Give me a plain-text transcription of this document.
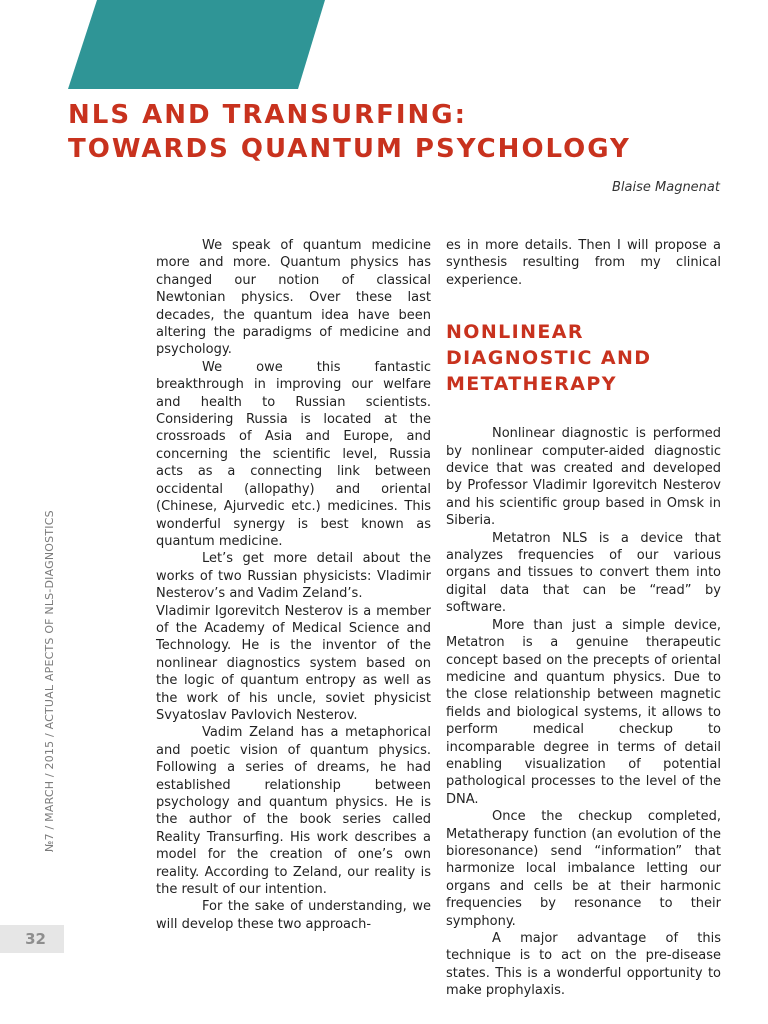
NLS AND TRANSURFING:
TOWARDS QUANTUM PSYCHOLOGY

Blaise Magnenat

We speak of quantum medicine more and more. Quantum physics has changed our notion of classical Newtonian physics. Over these last decades, the quantum idea have been altering the paradigms of medicine and psychology.

We owe this fantastic breakthrough in improving our welfare and health to Russian scientists. Considering Russia is located at the crossroads of Asia and Europe, and concerning the scientific level, Russia acts as a connecting link between occidental (allopathy) and oriental (Chinese, Ajurvedic etc.) medicines. This wonderful synergy is best known as quantum medicine.

Let’s get more detail about the works of two Russian physicists: Vladimir Nesterov’s and Vadim Zeland’s.

Vladimir Igorevitch Nesterov is a member of the Academy of Medical Science and Technology. He is the inventor of the nonlinear diagnostics system based on the logic of quantum entropy as well as the work of his uncle, soviet physicist Svyatoslav Pavlovich Nesterov.

Vadim Zeland has a metaphorical and poetic vision of quantum physics. Following a series of dreams, he had established relationship between psychology and quantum physics. He is the author of the book series called Reality Transurfing. His work describes a model for the creation of one’s own reality. According to Zeland, our reality is the result of our intention.

For the sake of understanding, we will develop these two approach-

es in more details. Then I will propose a synthesis resulting from my clinical experience.

NONLINEAR DIAGNOSTIC AND METATHERAPY

Nonlinear diagnostic is performed by nonlinear computer-aided diagnostic device that was created and developed by Professor Vladimir Igorevitch Nesterov and his scientific group based in Omsk in Siberia.

Metatron NLS is a device that analyzes frequencies of our various organs and tissues to convert them into digital data that can be “read” by software.

More than just a simple device, Metatron is a genuine therapeutic concept based on the precepts of oriental medicine and quantum physics. Due to the close relationship between magnetic fields and biological systems, it allows to perform medical checkup to incomparable degree in terms of detail enabling visualization of potential pathological processes to the level of the DNA.

Once the checkup completed, Metatherapy function (an evolution of the bioresonance) send “information” that harmonize local imbalance letting our organs and cells be at their harmonic frequencies by resonance to their symphony.

A major advantage of this technique is to act on the pre-disease states. This is a wonderful opportunity to make prophylaxis.

№7 / MARCH / 2015 / ACTUAL APECTS OF NLS-DIAGNOSTICS
32
